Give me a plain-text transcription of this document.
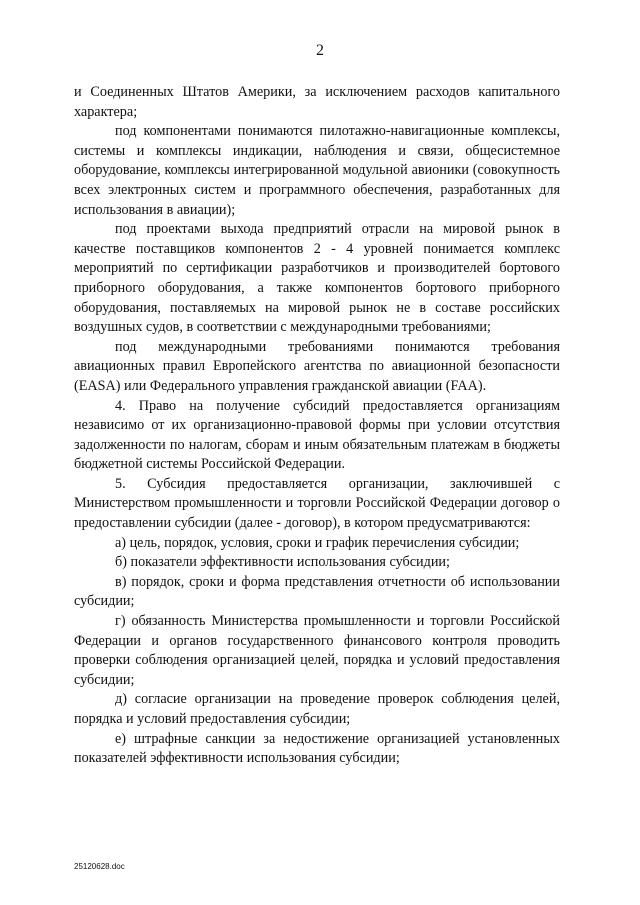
2

и Соединенных Штатов Америки, за исключением расходов капитального характера;

под компонентами понимаются пилотажно-навигационные комплексы, системы и комплексы индикации, наблюдения и связи, общесистемное оборудование, комплексы интегрированной модульной авионики (совокупность всех электронных систем и программного обеспечения, разработанных для использования в авиации);

под проектами выхода предприятий отрасли на мировой рынок в качестве поставщиков компонентов 2 - 4 уровней понимается комплекс мероприятий по сертификации разработчиков и производителей бортового приборного оборудования, а также компонентов бортового приборного оборудования, поставляемых на мировой рынок не в составе российских воздушных судов, в соответствии с международными требованиями;

под международными требованиями понимаются требования авиационных правил Европейского агентства по авиационной безопасности (EASA) или Федерального управления гражданской авиации (FAA).

4. Право на получение субсидий предоставляется организациям независимо от их организационно-правовой формы при условии отсутствия задолженности по налогам, сборам и иным обязательным платежам в бюджеты бюджетной системы Российской Федерации.

5. Субсидия предоставляется организации, заключившей с Министерством промышленности и торговли Российской Федерации договор о предоставлении субсидии (далее - договор), в котором предусматриваются:

а) цель, порядок, условия, сроки и график перечисления субсидии;

б) показатели эффективности использования субсидии;

в) порядок, сроки и форма представления отчетности об использовании субсидии;

г) обязанность Министерства промышленности и торговли Российской Федерации и органов государственного финансового контроля проводить проверки соблюдения организацией целей, порядка и условий предоставления субсидии;

д) согласие организации на проведение проверок соблюдения целей, порядка и условий предоставления субсидии;

е) штрафные санкции за недостижение организацией установленных показателей эффективности использования субсидии;

25120628.doc
